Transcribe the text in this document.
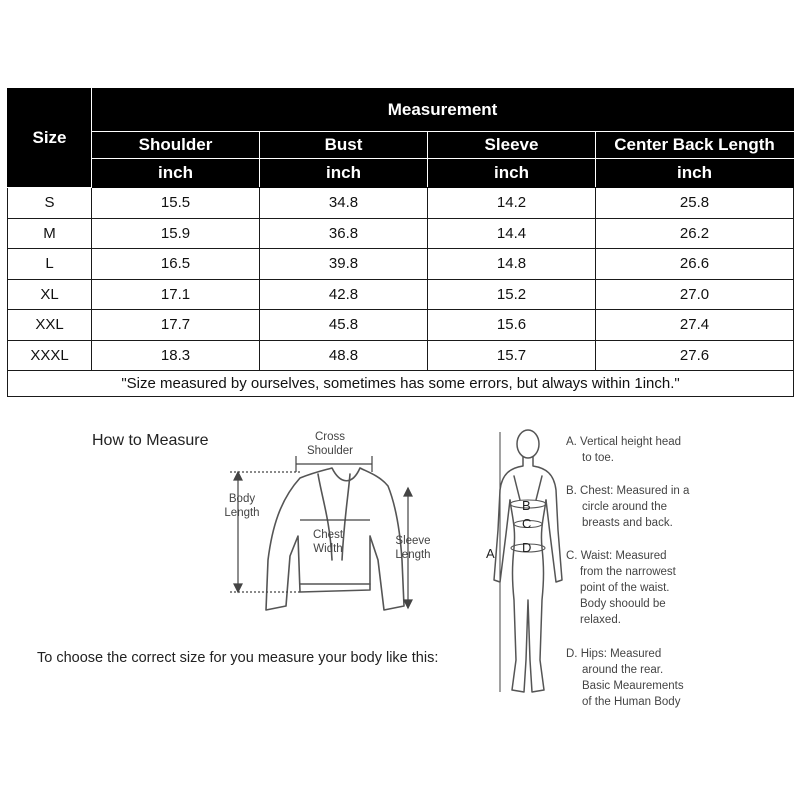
Size	Measurement			
	Shoulder	Bust	Sleeve	Center Back Length
	inch	inch	inch	inch
S	15.5	34.8	14.2	25.8
M	15.9	36.8	14.4	26.2
L	16.5	39.8	14.8	26.6
XL	17.1	42.8	15.2	27.0
XXL	17.7	45.8	15.6	27.4
XXXL	18.3	48.8	15.7	27.6
"Size measured by ourselves, sometimes has some errors, but always within 1inch."				
How to Measure
To choose the correct size for you measure your body like this:
Cross
Shoulder
Body
Length
Chest
Width
Sleeve
Length	A
B
C
D
A. Vertical height head
to toe.
B. Chest: Measured in a
circle around the
breasts and back.
C. Waist: Measured
from the narrowest
point of the waist.
Body shoould be
relaxed.
D. Hips: Measured
around the rear.
Basic Meaurements
of the Human Body
